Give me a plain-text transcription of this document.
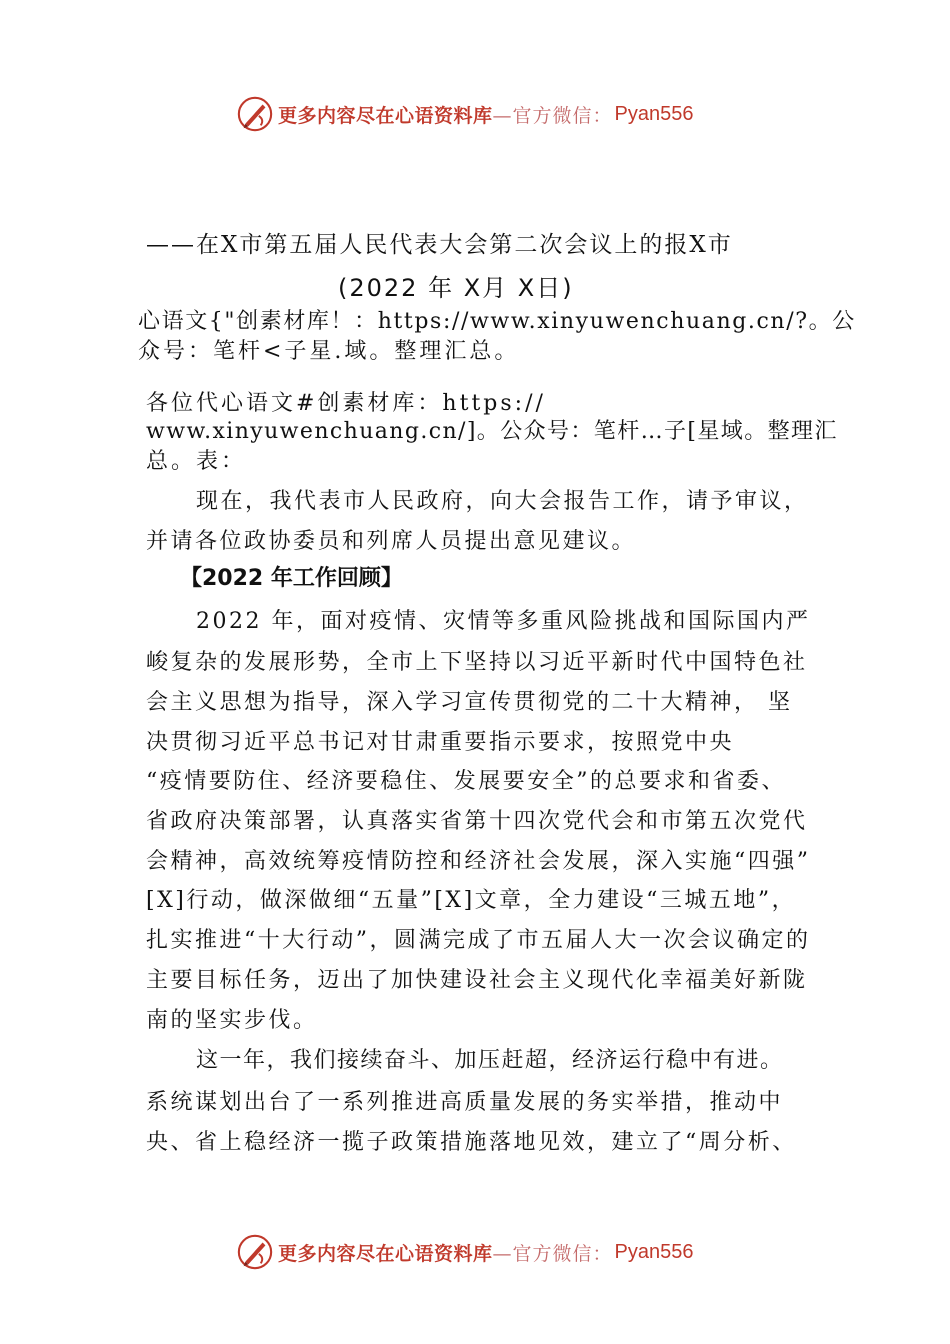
更多内容尽在心语资料库 —官方微信： Pyan556
——在X市第五届人民代表大会第二次会议上的报X市
(2022 年 X月 X日)
心语文{"创素材库！：https://www.xinyuwenchuang.cn/?。公
众号：笔杆<子星.域。整理汇总。
各位代心语文#创素材库：https://
www.xinyuwenchuang.cn/]。公众号：笔杆…子[星域。整理汇
总。表：
现在，我代表市人民政府，向大会报告工作，请予审议，
并请各位政协委员和列席人员提出意见建议。
【2022 年工作回顾】
2022 年，面对疫情、灾情等多重风险挑战和国际国内严
峻复杂的发展形势，全市上下坚持以习近平新时代中国特色社
会主义思想为指导，深入学习宣传贯彻党的二十大精神， 坚
决贯彻习近平总书记对甘肃重要指示要求，按照党中央
“疫情要防住、经济要稳住、发展要安全”的总要求和省委、
省政府决策部署，认真落实省第十四次党代会和市第五次党代
会精神，高效统筹疫情防控和经济社会发展，深入实施“四强”
[X]行动，做深做细“五量”[X]文章，全力建设“三城五地”，
扎实推进“十大行动”，圆满完成了市五届人大一次会议确定的
主要目标任务，迈出了加快建设社会主义现代化幸福美好新陇
南的坚实步伐。
这一年，我们接续奋斗、加压赶超，经济运行稳中有进。
系统谋划出台了一系列推进高质量发展的务实举措，推动中
央、省上稳经济一揽子政策措施落地见效，建立了“周分析、
更多内容尽在心语资料库 —官方微信： Pyan556
